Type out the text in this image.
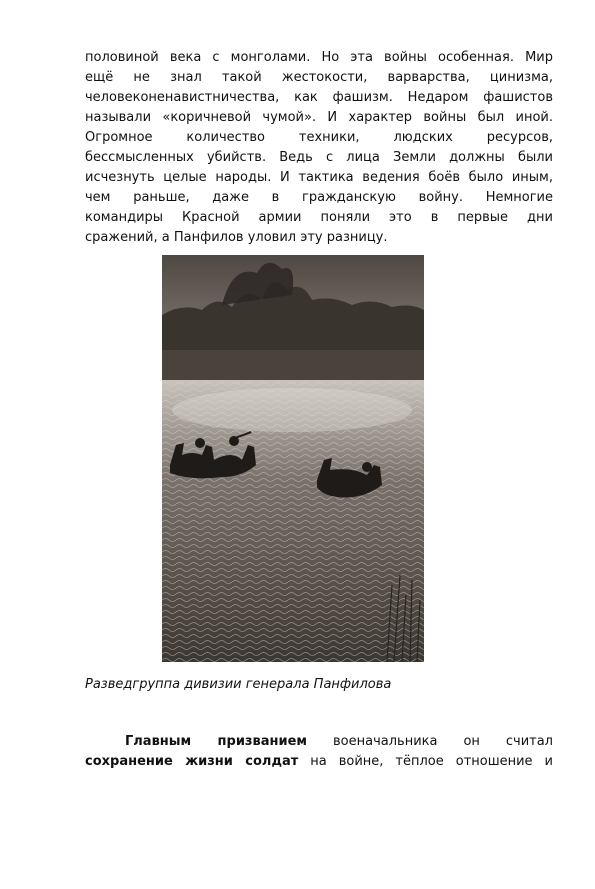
половиной века с монголами. Но эта войны особенная. Мир
ещё не знал такой жестокости, варварства, цинизма,
человеконенавистничества, как фашизм. Недаром фашистов
называли «коричневой чумой». И характер войны был иной.
Огромное количество техники, людских ресурсов,
бессмысленных убийств. Ведь с лица Земли должны были
исчезнуть целые народы. И тактика ведения боёв было иным,
чем раньше, даже в гражданскую войну. Немногие
командиры Красной армии поняли это в первые дни
сражений, а Панфилов уловил эту разницу.
© РИА Новости

Разведгруппа дивизии генерала Панфилова

Главным призванием военачальника он считал
сохранение жизни солдат на войне, тёплое отношение и
